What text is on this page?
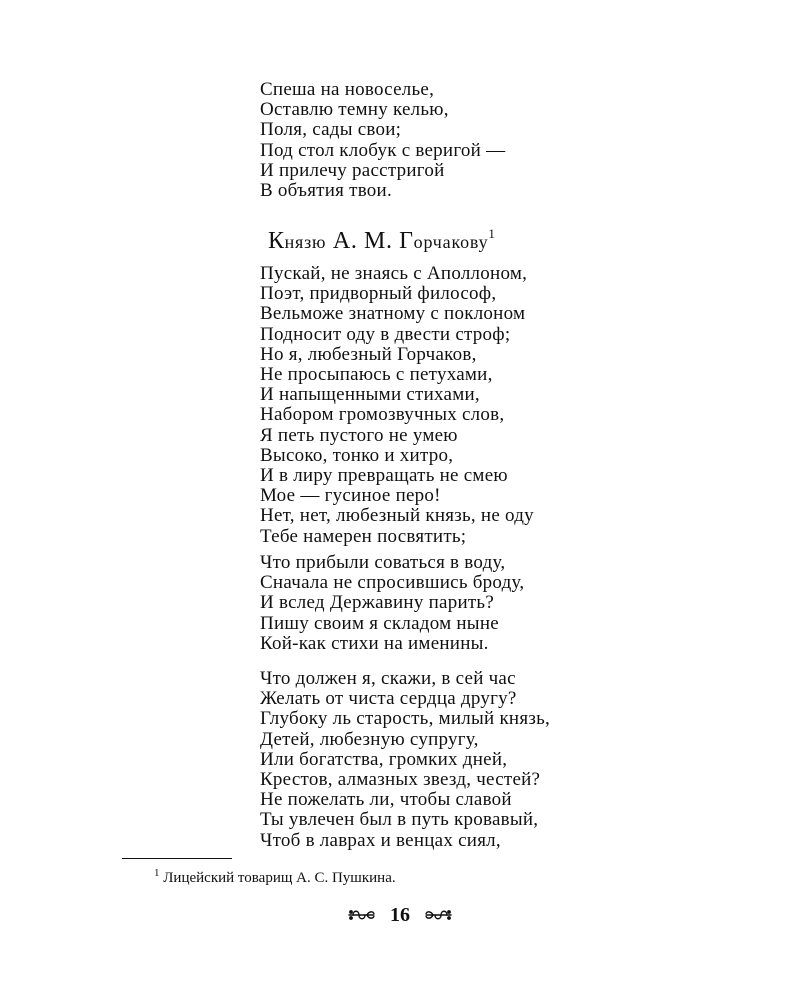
Спеша на новоселье,
Оставлю темну келью,
Поля, сады свои;
Под стол клобук с веригой —
И прилечу расстригой
В объятия твои.
Князю А. М. Горчакову$^1$
Пускай, не знаясь с Аполлоном,
Поэт, придворный философ,
Вельможе знатному с поклоном
Подносит оду в двести строф;
Но я, любезный Горчаков,
Не просыпаюсь с петухами,
И напыщенными стихами,
Набором громозвучных слов,
Я петь пустого не умею
Высоко, тонко и хитро,
И в лиру превращать не смею
Мое — гусиное перо!
Нет, нет, любезный князь, не оду
Тебе намерен посвятить;
Что прибыли соваться в воду,
Сначала не спросившись броду,
И вслед Державину парить?
Пишу своим я складом ныне
Кой-как стихи на именины.
Что должен я, скажи, в сей час
Желать от чиста сердца другу?
Глубоку ль старость, милый князь,
Детей, любезную супругу,
Или богатства, громких дней,
Крестов, алмазных звезд, честей?
Не пожелать ли, чтобы славой
Ты увлечен был в путь кровавый,
Чтоб в лаврах и венцах сиял,
$^1$ Лицейский товарищ А. С. Пушкина.
16
